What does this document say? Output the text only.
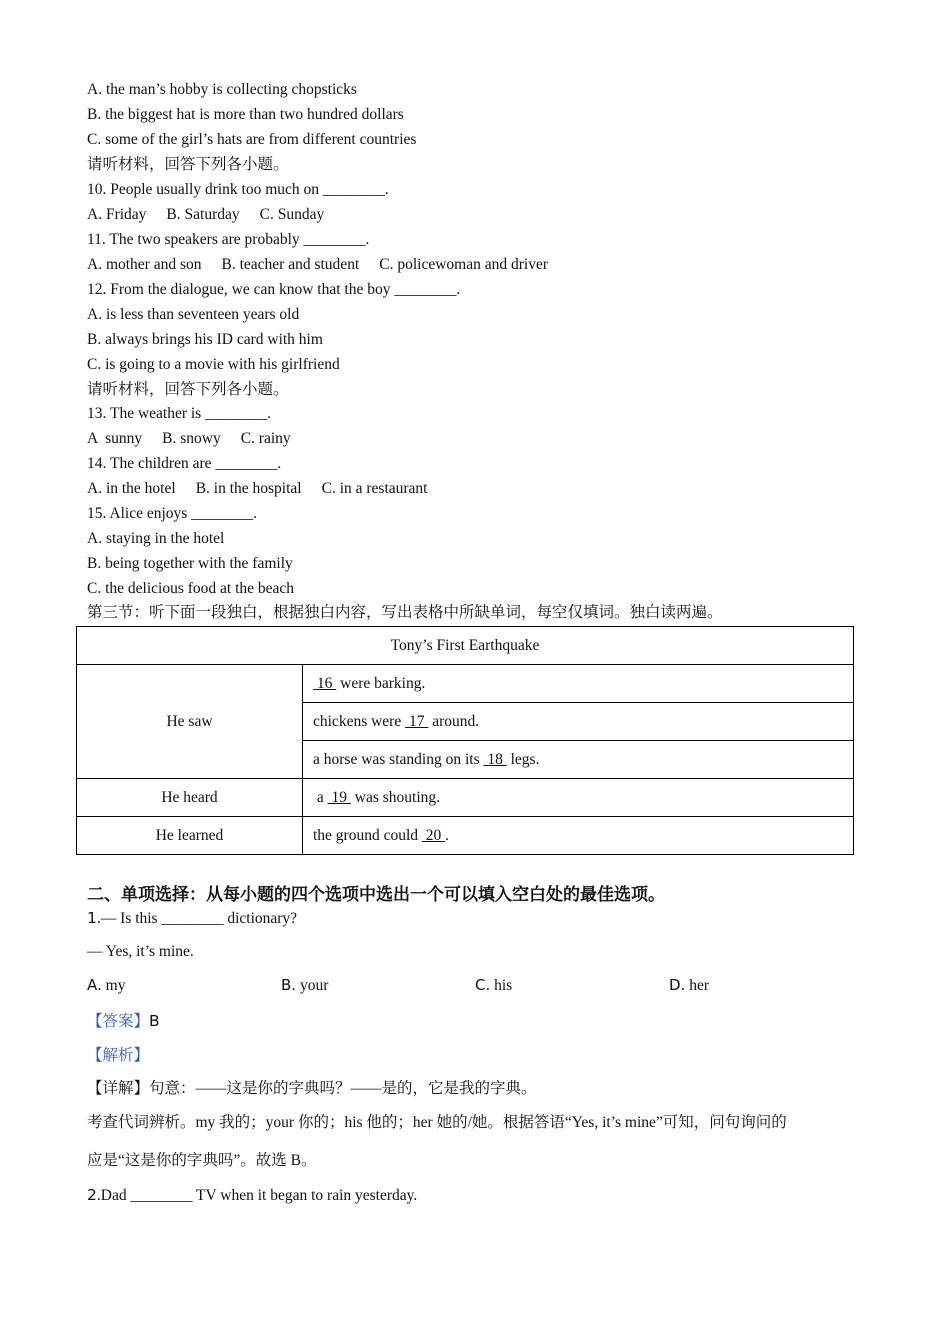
A. the man’s hobby is collecting chopsticks
B. the biggest hat is more than two hundred dollars
C. some of the girl’s hats are from different countries
请听材料，回答下列各小题。
10. People usually drink too much on ________.
A. Friday B. Saturday C. Sunday
11. The two speakers are probably ________.
A. mother and son B. teacher and student C. policewoman and driver
12. From the dialogue, we can know that the boy ________.
A. is less than seventeen years old
B. always brings his ID card with him
C. is going to a movie with his girlfriend
请听材料，回答下列各小题。
13. The weather is ________.
A  sunny B. snowy C. rainy
14. The children are ________.
A. in the hotel B. in the hospital C. in a restaurant
15. Alice enjoys ________.
A. staying in the hotel
B. being together with the family
C. the delicious food at the beach
第三节：听下面一段独白，根据独白内容，写出表格中所缺单词，每空仅填词。独白读两遍。
Tony’s First Earthquake	
He saw	16  were barking.
	chickens were  17  around.
	a horse was standing on its  18  legs.
He heard	a  19  was shouting.
He learned	the ground could  20 .
二、单项选择：从每小题的四个选项中选出一个可以填入空白处的最佳选项。
1.— Is this ________ dictionary?
— Yes, it’s mine.
A. my	B. your	C. his	D. her
【答案】B
【解析】
【详解】句意：——这是你的字典吗？——是的，它是我的字典。
考查代词辨析。my 我的；your 你的；his 他的；her 她的/她。根据答语“Yes, it’s mine”可知，问句询问的
应是“这是你的字典吗”。故选 B。
2.Dad ________ TV when it began to rain yesterday.
